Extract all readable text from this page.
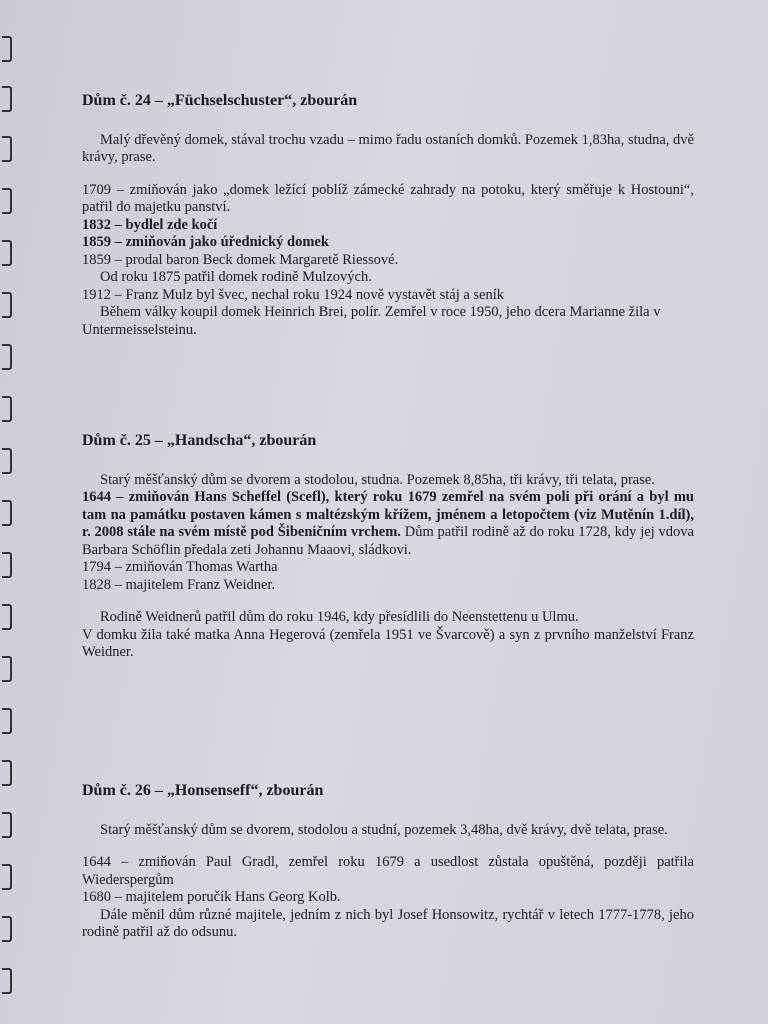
Dům č. 24 – „Füchselschuster“, zbourán

Malý dřevěný domek, stával trochu vzadu – mimo řadu ostaních domků. Pozemek 1,83ha, studna, dvě krávy, prase.

1709 – zmiňován jako „domek ležící poblíž zámecké zahrady na potoku, který směřuje k Hostouni“, patřil do majetku panství.

1832 – bydlel zde kočí

1859 – zmiňován jako úřednický domek

1859 – prodal baron Beck domek Margaretě Riessové.

Od roku 1875 patřil domek rodině Mulzových.

1912 – Franz Mulz byl švec, nechal roku 1924 nově vystavět stáj a seník

Během války koupil domek Heinrich Brei, polír. Zemřel v roce 1950, jeho dcera Marianne žila v Untermeisselsteinu.

Dům č. 25 – „Handscha“, zbourán

Starý měšťanský dům se dvorem a stodolou, studna. Pozemek 8,85ha, tři krávy, tři telata, prase.

1644 – zmiňován Hans Scheffel (Scefl), který roku 1679 zemřel na svém poli při orání a byl mu tam na památku postaven kámen s maltézským křížem, jménem a letopočtem (viz Mutěnín 1.díl), r. 2008 stále na svém místě pod Šibeničním vrchem. Dům patřil rodině až do roku 1728, kdy jej vdova Barbara Schöflin předala zeti Johannu Maaovi, sládkovi.

1794 – zmiňován Thomas Wartha

1828 – majitelem Franz Weidner.

Rodině Weidnerů patřil dům do roku 1946, kdy přesídlili do Neenstettenu u Ulmu.

V domku žila také matka Anna Hegerová (zemřela 1951 ve Švarcově) a syn z prvního manželství Franz Weidner.

Dům č. 26 – „Honsenseff“, zbourán

Starý měšťanský dům se dvorem, stodolou a studní, pozemek 3,48ha, dvě krávy, dvě telata, prase.

1644 – zmiňován Paul Gradl, zemřel roku 1679 a usedlost zůstala opuštěná, později patřila Wiederspergům

1680 – majitelem poručík Hans Georg Kolb.

Dále měnil dům různé majitele, jedním z nich byl Josef Honsowitz, rychtář v letech 1777-1778, jeho rodině patřil až do odsunu.
